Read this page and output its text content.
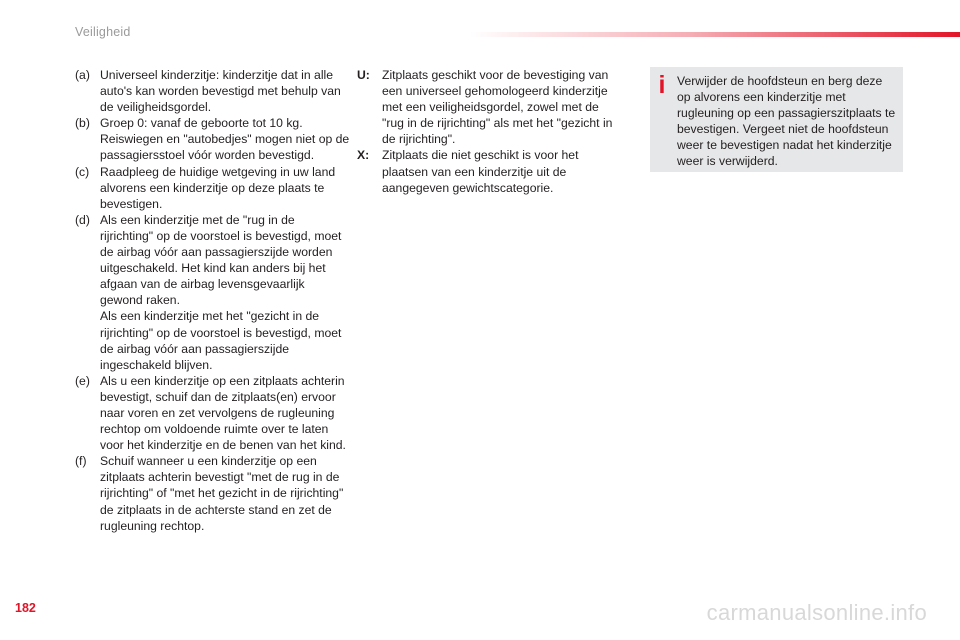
Veiligheid
(a) Universeel kinderzitje: kinderzitje dat in alle auto's kan worden bevestigd met behulp van de veiligheidsgordel.

(b) Groep 0: vanaf de geboorte tot 10 kg. Reiswiegen en "autobedjes" mogen niet op de passagiersstoel vóór worden bevestigd.

(c) Raadpleeg de huidige wetgeving in uw land alvorens een kinderzitje op deze plaats te bevestigen.

(d) Als een kinderzitje met de "rug in de rijrichting" op de voorstoel is bevestigd, moet de airbag vóór aan passagierszijde worden uitgeschakeld. Het kind kan anders bij het afgaan van de airbag levensgevaarlijk gewond raken.

Als een kinderzitje met het "gezicht in de rijrichting" op de voorstoel is bevestigd, moet de airbag vóór aan passagierszijde ingeschakeld blijven.

(e) Als u een kinderzitje op een zitplaats achterin bevestigt, schuif dan de zitplaats(en) ervoor naar voren en zet vervolgens de rugleuning rechtop om voldoende ruimte over te laten voor het kinderzitje en de benen van het kind.

(f) Schuif wanneer u een kinderzitje op een zitplaats achterin bevestigt "met de rug in de rijrichting" of "met het gezicht in de rijrichting" de zitplaats in de achterste stand en zet de rugleuning rechtop.

U: Zitplaats geschikt voor de bevestiging van een universeel gehomologeerd kinderzitje met een veiligheidsgordel, zowel met de "rug in de rijrichting" als met het "gezicht in de rijrichting".

X: Zitplaats die niet geschikt is voor het plaatsen van een kinderzitje uit de aangegeven gewichtscategorie.

i Verwijder de hoofdsteun en berg deze op alvorens een kinderzitje met rugleuning op een passagierszitplaats te bevestigen. Vergeet niet de hoofdsteun weer te bevestigen nadat het kinderzitje weer is verwijderd.

182	carmanualsonline.info
